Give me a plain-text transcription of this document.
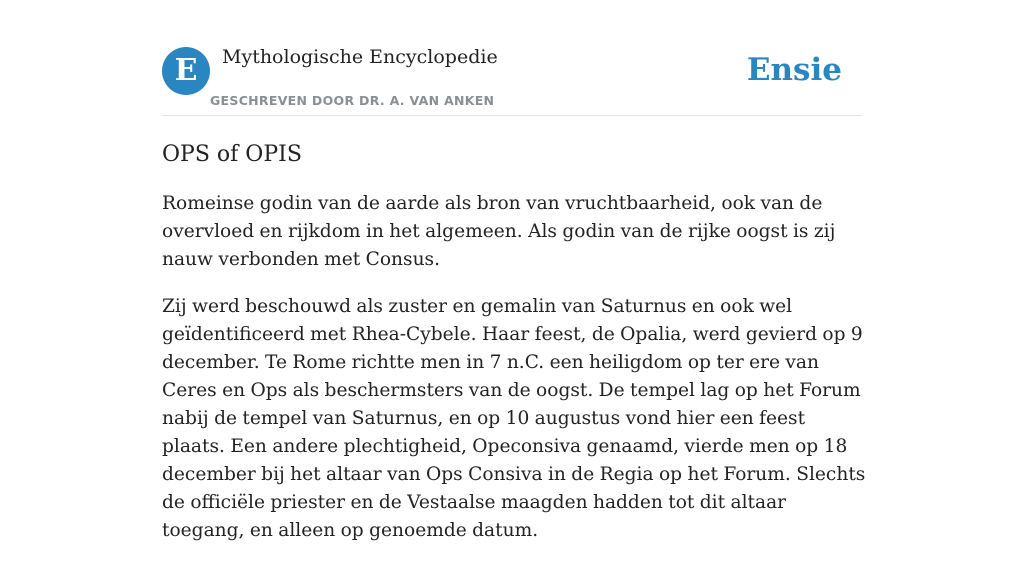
E	Mythologische Encyclopedie
GESCHREVEN DOOR DR. A. VAN ANKEN
Ensie
OPS of OPIS

Romeinse godin van de aarde als bron van vruchtbaarheid, ook van de overvloed en rijkdom in het algemeen. Als godin van de rijke oogst is zij nauw verbonden met Consus.

Zij werd beschouwd als zuster en gemalin van Saturnus en ook wel geïdentificeerd met Rhea-Cybele. Haar feest, de Opalia, werd gevierd op 9 december. Te Rome richtte men in 7 n.C. een heiligdom op ter ere van Ceres en Ops als beschermsters van de oogst. De tempel lag op het Forum nabij de tempel van Saturnus, en op 10 augustus vond hier een feest plaats. Een andere plechtigheid, Opeconsiva genaamd, vierde men op 18 december bij het altaar van Ops Consiva in de Regia op het Forum. Slechts de officiële priester en de Vestaalse maagden hadden tot dit altaar toegang, en alleen op genoemde datum.
